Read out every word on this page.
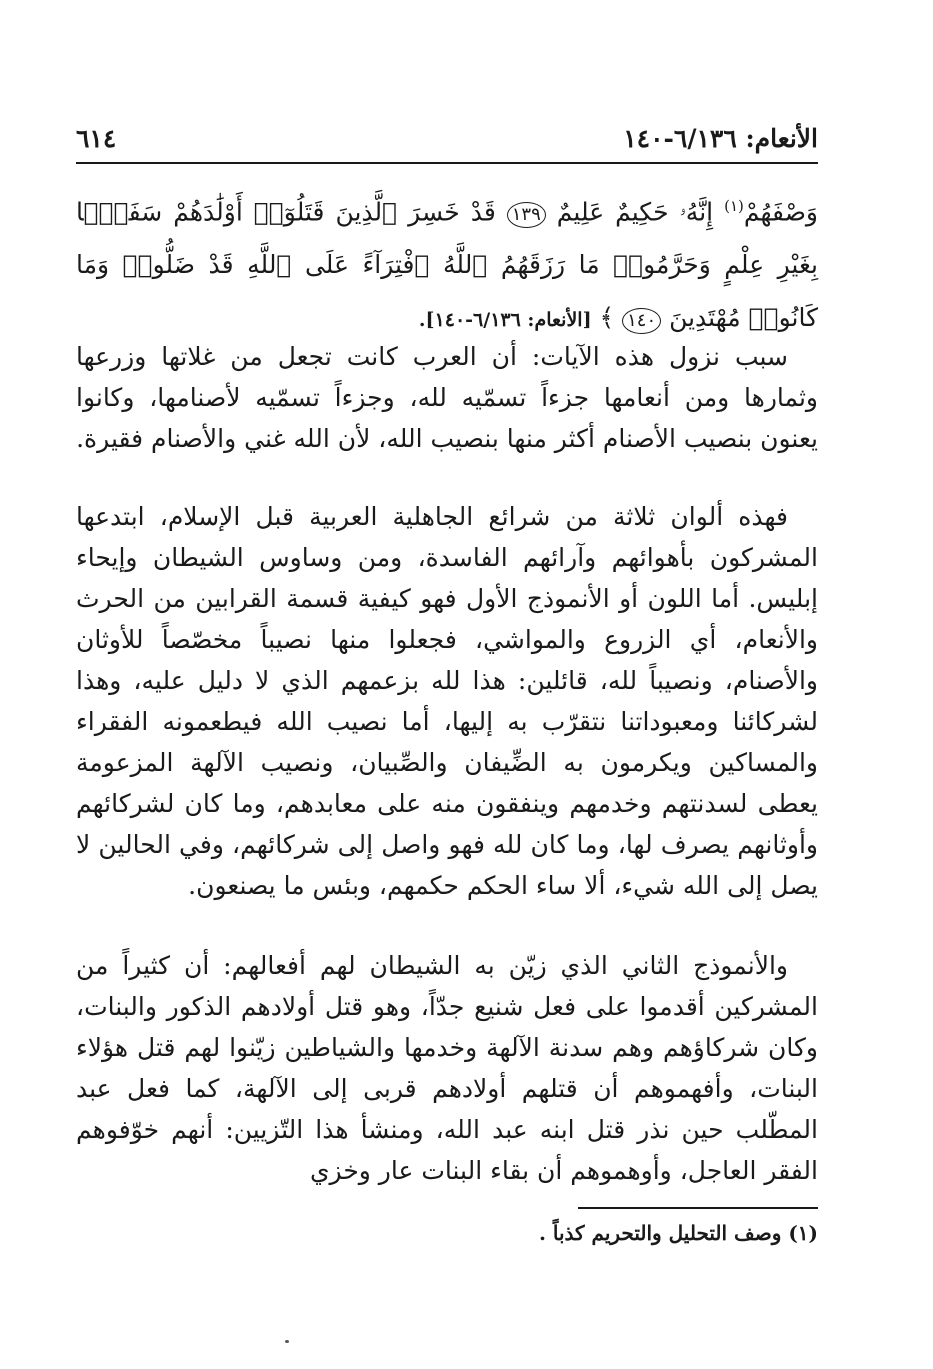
الأنعام: ٦/١٣٦-١٤٠
٦١٤
وَصْفَهُمْ$^{(١)}$ إِنَّهُۥ حَكِيمٌ عَلِيمٌ ١٣٩ قَدْ خَسِرَ ٱلَّذِينَ قَتَلُوٓا۟ أَوْلَٰدَهُمْ سَفَهًۢا بِغَيْرِ عِلْمٍ وَحَرَّمُوا۟ مَا رَزَقَهُمُ ٱللَّهُ ٱفْتِرَآءً عَلَى ٱللَّهِ قَدْ ضَلُّوا۟ وَمَا كَانُوا۟ مُهْتَدِينَ ١٤٠ ﴾ [الأنعام: ٦/١٣٦-١٤٠].

سبب نزول هذه الآيات: أن العرب كانت تجعل من غلاتها وزرعها وثمارها ومن أنعامها جزءاً تسمّيه لله، وجزءاً تسمّيه لأصنامها، وكانوا يعنون بنصيب الأصنام أكثر منها بنصيب الله، لأن الله غني والأصنام فقيرة.

فهذه ألوان ثلاثة من شرائع الجاهلية العربية قبل الإسلام، ابتدعها المشركون بأهوائهم وآرائهم الفاسدة، ومن وساوس الشيطان وإيحاء إبليس. أما اللون أو الأنموذج الأول فهو كيفية قسمة القرابين من الحرث والأنعام، أي الزروع والمواشي، فجعلوا منها نصيباً مخصّصاً للأوثان والأصنام، ونصيباً لله، قائلين: هذا لله بزعمهم الذي لا دليل عليه، وهذا لشركائنا ومعبوداتنا نتقرّب به إليها، أما نصيب الله فيطعمونه الفقراء والمساكين ويكرمون به الضِّيفان والصِّبيان، ونصيب الآلهة المزعومة يعطى لسدنتهم وخدمهم وينفقون منه على معابدهم، وما كان لشركائهم وأوثانهم يصرف لها، وما كان لله فهو واصل إلى شركائهم، وفي الحالين لا يصل إلى الله شيء، ألا ساء الحكم حكمهم، وبئس ما يصنعون.

والأنموذج الثاني الذي زيّن به الشيطان لهم أفعالهم: أن كثيراً من المشركين أقدموا على فعل شنيع جدّاً، وهو قتل أولادهم الذكور والبنات، وكان شركاؤهم وهم سدنة الآلهة وخدمها والشياطين زيّنوا لهم قتل هؤلاء البنات، وأفهموهم أن قتلهم أولادهم قربى إلى الآلهة، كما فعل عبد المطّلب حين نذر قتل ابنه عبد الله، ومنشأ هذا التّزيين: أنهم خوّفوهم الفقر العاجل، وأوهموهم أن بقاء البنات عار وخزي

(١) وصف التحليل والتحريم كذباً .
